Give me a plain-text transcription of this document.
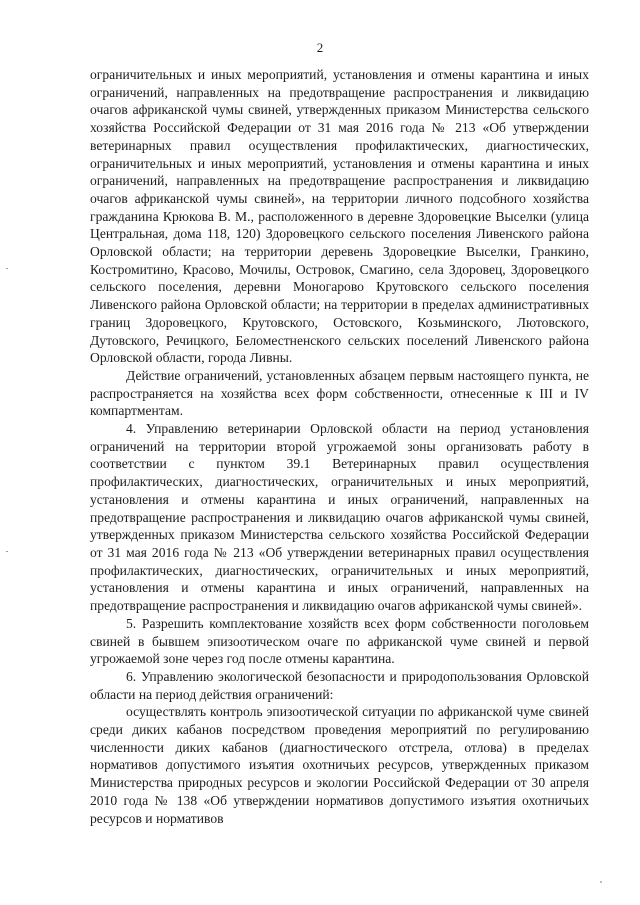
2

ограничительных и иных мероприятий, установления и отмены карантина и иных ограничений, направленных на предотвращение распространения и ликвидацию очагов африканской чумы свиней, утвержденных приказом Министерства сельского хозяйства Российской Федерации от 31 мая 2016 года № 213 «Об утверждении ветеринарных правил осуществления профилактических, диагностических, ограничительных и иных мероприятий, установления и отмены карантина и иных ограничений, направленных на предотвращение распространения и ликвидацию очагов африканской чумы свиней», на территории личного подсобного хозяйства гражданина Крюкова В. М., расположенного в деревне Здоровецкие Выселки (улица Центральная, дома 118, 120) Здоровецкого сельского поселения Ливенского района Орловской области; на территории деревень Здоровецкие Выселки, Гранкино, Костромитино, Красово, Мочилы, Островок, Смагино, села Здоровец, Здоровецкого сельского поселения, деревни Моногарово Крутовского сельского поселения Ливенского района Орловской области; на территории в пределах административных границ Здоровецкого, Крутовского, Остовского, Козьминского, Лютовского, Дутовского, Речицкого, Беломестненского сельских поселений Ливенского района Орловской области, города Ливны.

Действие ограничений, установленных абзацем первым настоящего пункта, не распространяется на хозяйства всех форм собственности, отнесенные к III и IV компартментам.

4. Управлению ветеринарии Орловской области на период установления ограничений на территории второй угрожаемой зоны организовать работу в соответствии с пунктом 39.1 Ветеринарных правил осуществления профилактических, диагностических, ограничительных и иных мероприятий, установления и отмены карантина и иных ограничений, направленных на предотвращение распространения и ликвидацию очагов африканской чумы свиней, утвержденных приказом Министерства сельского хозяйства Российской Федерации от 31 мая 2016 года № 213 «Об утверждении ветеринарных правил осуществления профилактических, диагностических, ограничительных и иных мероприятий, установления и отмены карантина и иных ограничений, направленных на предотвращение распространения и ликвидацию очагов африканской чумы свиней».

5. Разрешить комплектование хозяйств всех форм собственности поголовьем свиней в бывшем эпизоотическом очаге по африканской чуме свиней и первой угрожаемой зоне через год после отмены карантина.

6. Управлению экологической безопасности и природопользования Орловской области на период действия ограничений:

осуществлять контроль эпизоотической ситуации по африканской чуме свиней среди диких кабанов посредством проведения мероприятий по регулированию численности диких кабанов (диагностического отстрела, отлова) в пределах нормативов допустимого изъятия охотничьих ресурсов, утвержденных приказом Министерства природных ресурсов и экологии Российской Федерации от 30 апреля 2010 года № 138 «Об утверждении нормативов допустимого изъятия охотничьих ресурсов и нормативов
